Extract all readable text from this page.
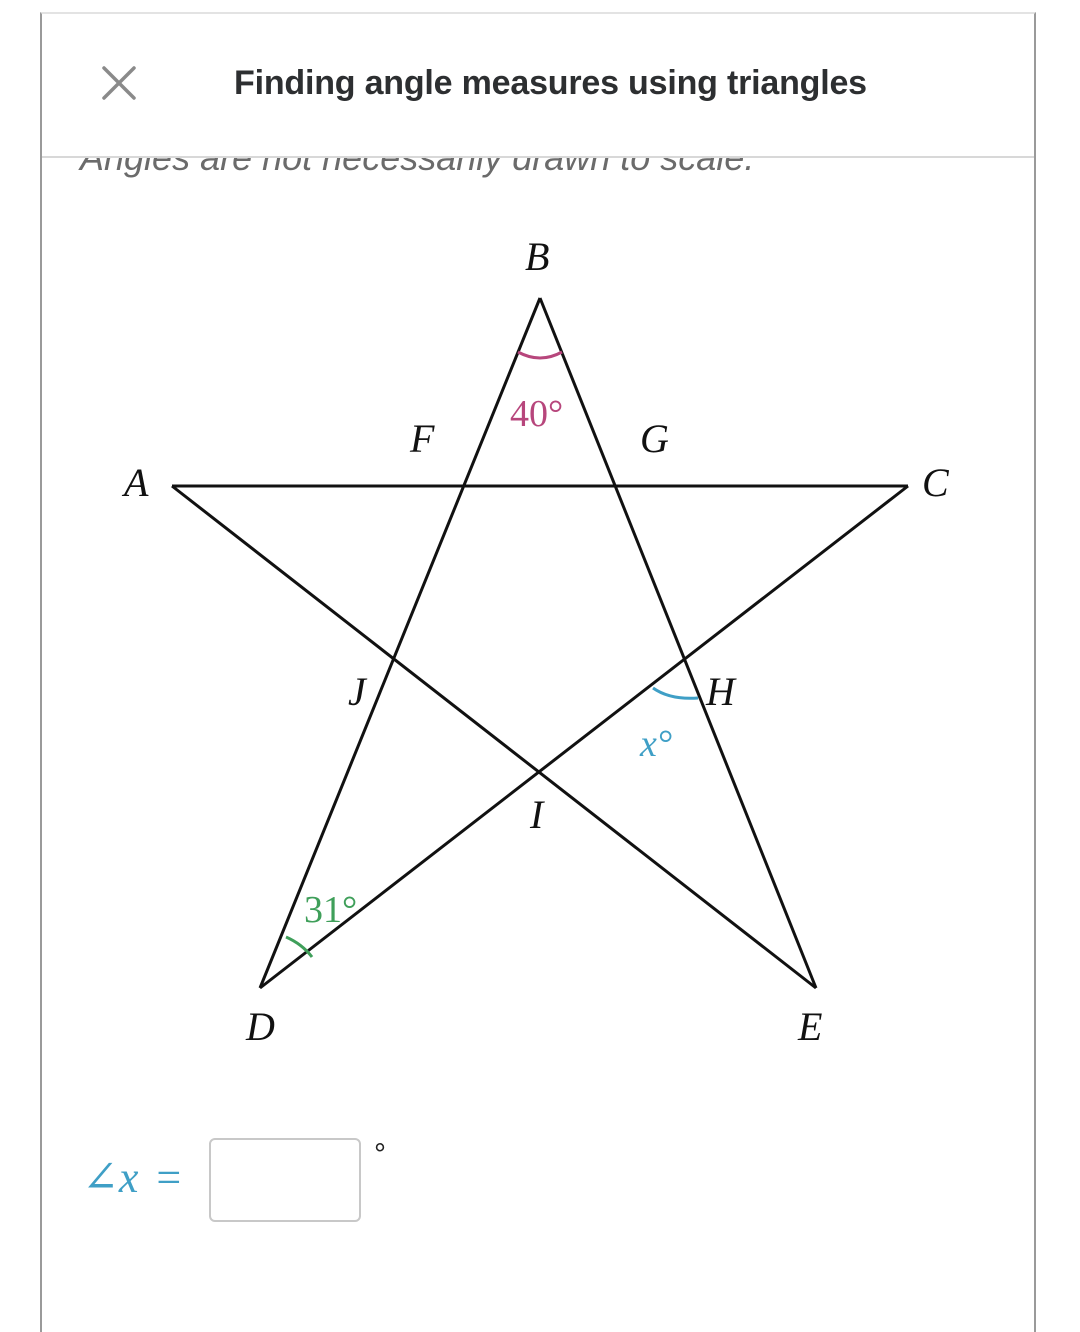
Finding angle measures using triangles
B
A	C
F	G
J	H
I
D	E
40°
31°
x°
∠x =	°
